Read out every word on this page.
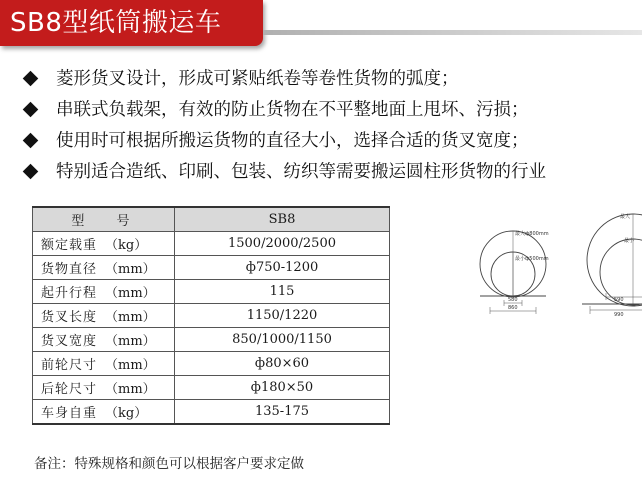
SB8型纸筒搬运车
菱形货叉设计，形成可紧贴纸卷等卷性货物的弧度；
串联式负载架，有效的防止货物在不平整地面上甩坏、污损；
使用时可根据所搬运货物的直径大小，选择合适的货叉宽度；
特别适合造纸、印刷、包装、纺织等需要搬运圆柱形货物的行业
型 号	SB8
额定载重 （kg）	1500/2000/2500
货物直径 （mm）	ф750-1200
起升行程 （mm）	115
货叉长度 （mm）	1150/1220
货叉宽度 （mm）	850/1000/1150
前轮尺寸 （mm）	ф80×60
后轮尺寸 （mm）	ф180×50
车身自重 （kg）	135-175
备注：特殊规格和颜色可以根据客户要求定做
最大ф800mm
最小ф500mm
580
860
最大
最小
590
990
